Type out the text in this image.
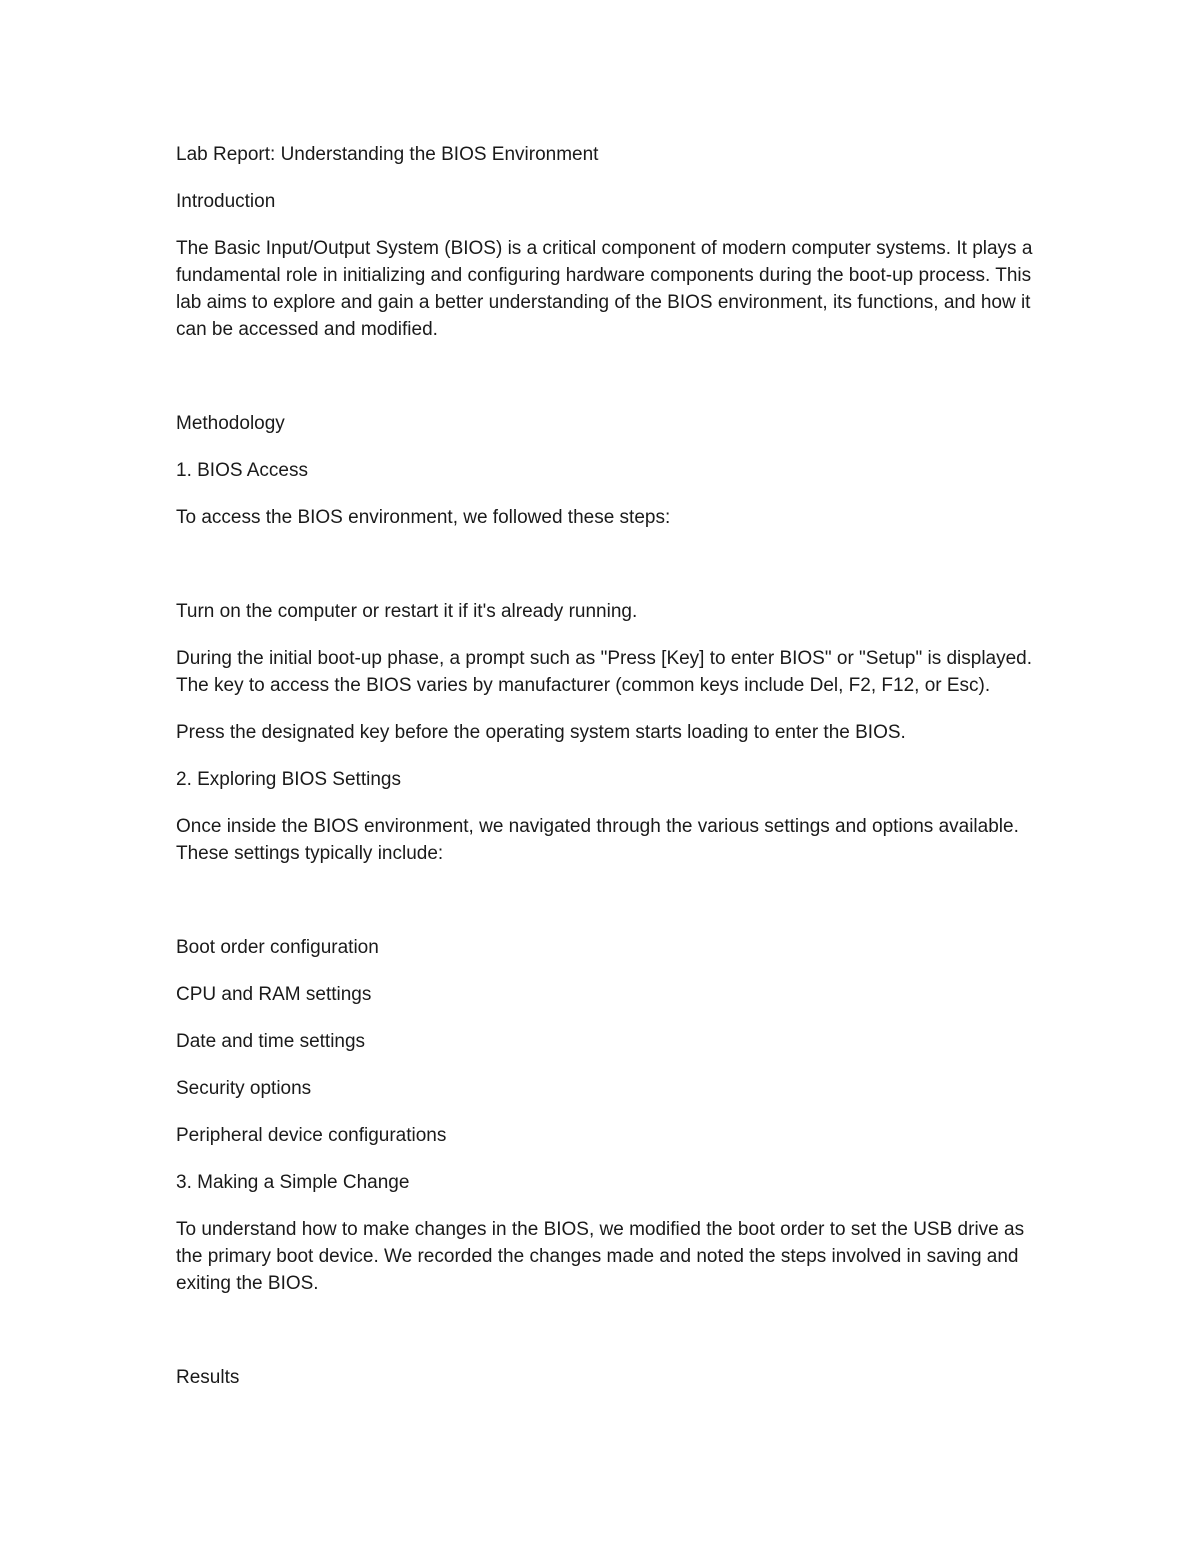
Lab Report: Understanding the BIOS Environment

Introduction

The Basic Input/Output System (BIOS) is a critical component of modern computer systems. It plays a fundamental role in initializing and configuring hardware components during the boot-up process. This lab aims to explore and gain a better understanding of the BIOS environment, its functions, and how it can be accessed and modified.

Methodology

1. BIOS Access

To access the BIOS environment, we followed these steps:

Turn on the computer or restart it if it's already running.

During the initial boot-up phase, a prompt such as "Press [Key] to enter BIOS" or "Setup" is displayed. The key to access the BIOS varies by manufacturer (common keys include Del, F2, F12, or Esc).

Press the designated key before the operating system starts loading to enter the BIOS.

2. Exploring BIOS Settings

Once inside the BIOS environment, we navigated through the various settings and options available. These settings typically include:

Boot order configuration

CPU and RAM settings

Date and time settings

Security options

Peripheral device configurations

3. Making a Simple Change

To understand how to make changes in the BIOS, we modified the boot order to set the USB drive as the primary boot device. We recorded the changes made and noted the steps involved in saving and exiting the BIOS.

Results
